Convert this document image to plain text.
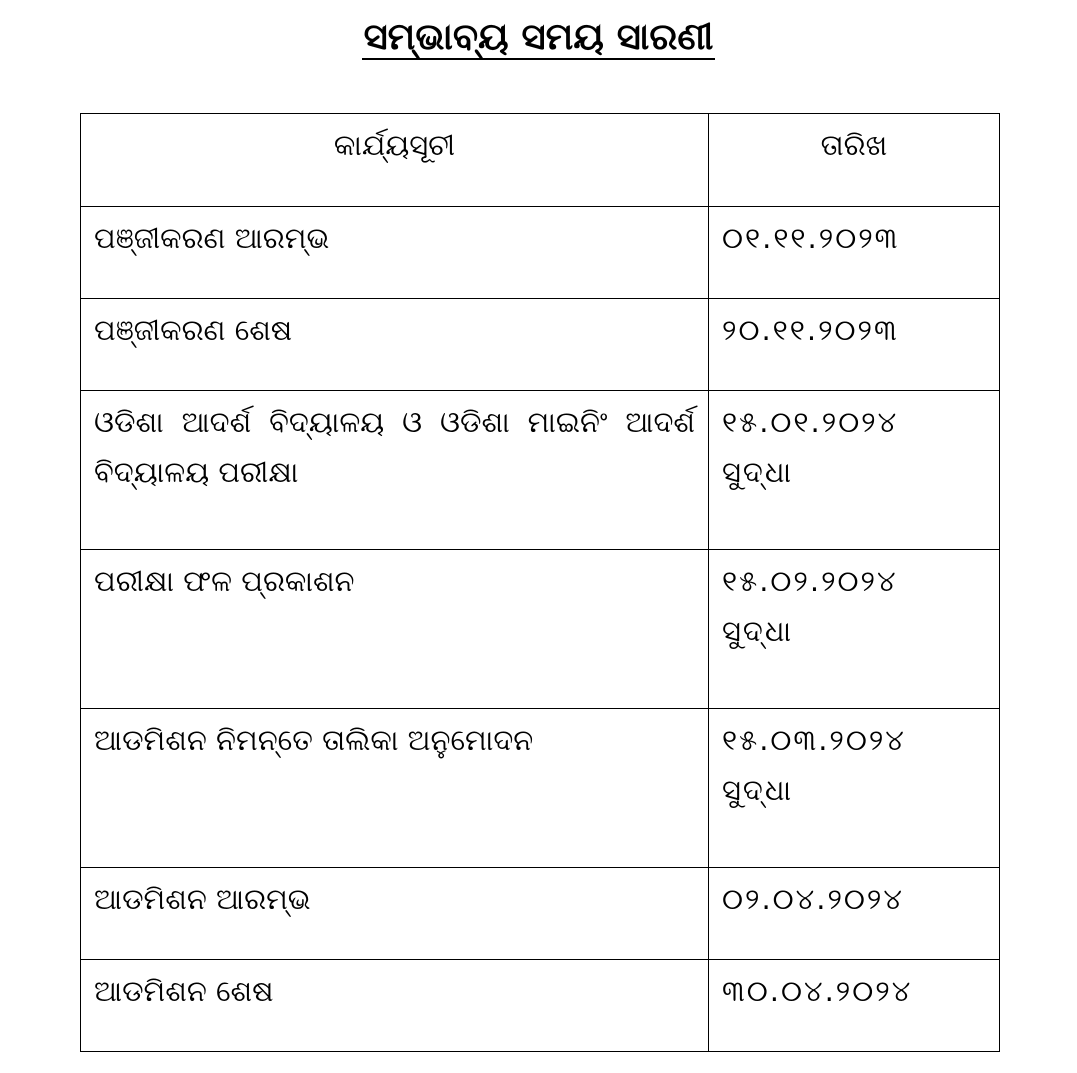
ସମ୍ଭାବ୍ୟ ସମୟ ସାରଣୀ
କାର୍ଯ୍ୟସୂଚୀ	ତାରିଖ
ପଞ୍ଜୀକରଣ ଆରମ୍ଭ	୦୧.୧୧.୨୦୨୩

ପଞ୍ଜୀକରଣ ଶେଷ	୨୦.୧୧.୨୦୨୩

ଓଡିଶା ଆଦର୍ଶ ବିଦ୍ୟାଳୟ ଓ ଓଡିଶା ମାଇନିଂ ଆଦର୍ଶ ବିଦ୍ୟାଳୟ ପରୀକ୍ଷା	୧୫.୦୧.୨୦୨୪
ସୁଦ୍ଧା

ପରୀକ୍ଷା ଫଳ ପ୍ରକାଶନ	୧୫.୦୨.୨୦୨୪
ସୁଦ୍ଧା

ଆଡମିଶନ ନିମନ୍ତେ ତାଲିକା ଅନୁମୋଦନ	୧୫.୦୩.୨୦୨୪
ସୁଦ୍ଧା

ଆଡମିଶନ ଆରମ୍ଭ	୦୨.୦୪.୨୦୨୪

ଆଡମିଶନ ଶେଷ	୩୦.୦୪.୨୦୨୪
